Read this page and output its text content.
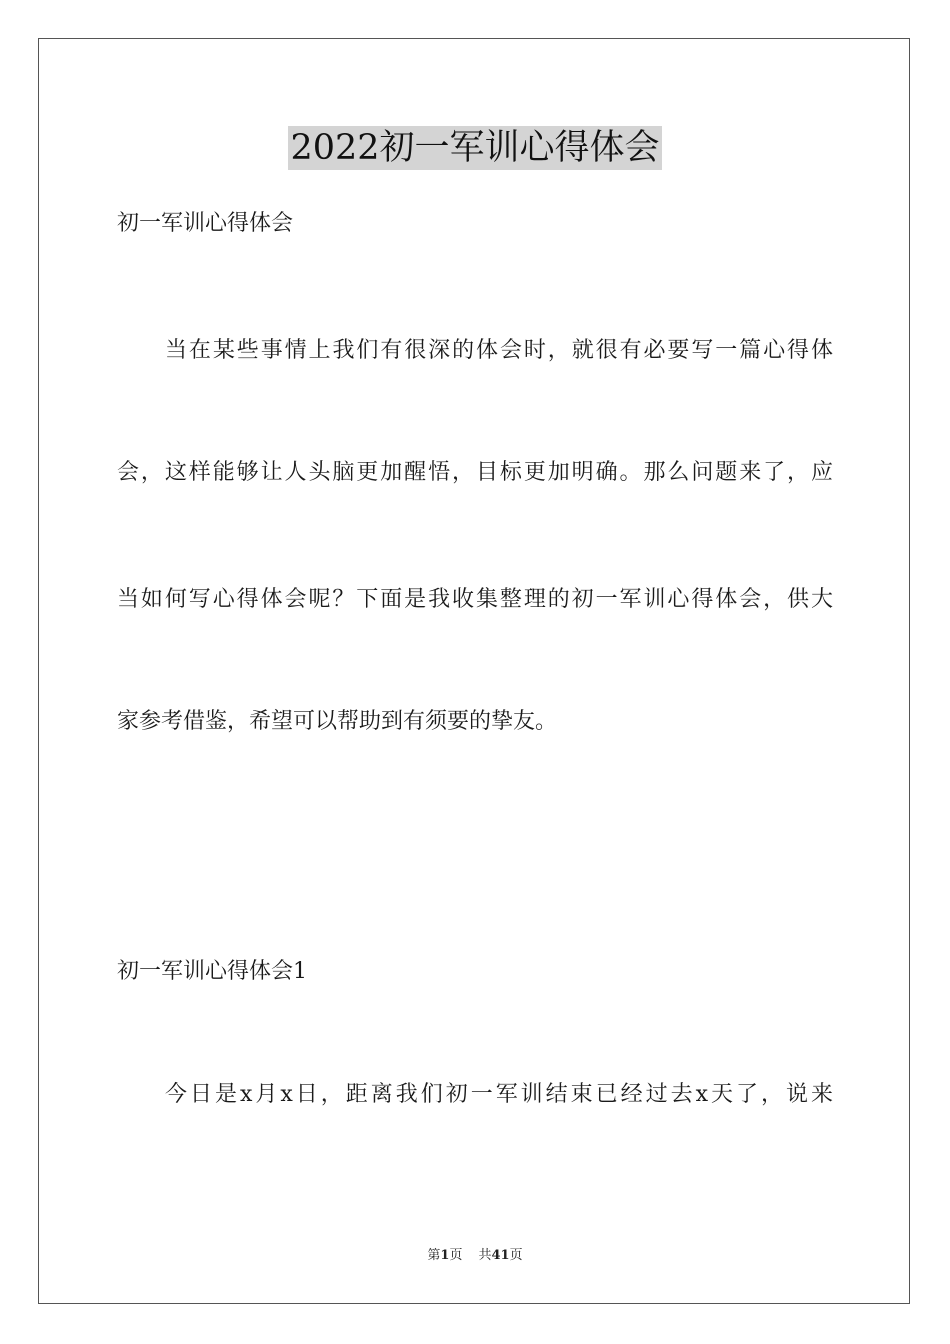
2022初一军训心得体会
初一军训心得体会
当在某些事情上我们有很深的体会时，就很有必要写一篇心得体
会，这样能够让人头脑更加醒悟，目标更加明确。那么问题来了，应
当如何写心得体会呢？下面是我收集整理的初一军训心得体会，供大
家参考借鉴，希望可以帮助到有须要的挚友。
初一军训心得体会1
今日是x月x日，距离我们初一军训结束已经过去x天了，说来
第1页 共41页
